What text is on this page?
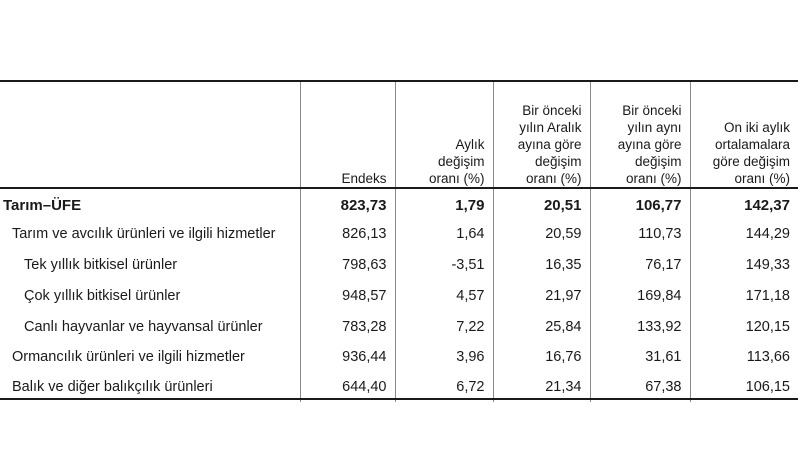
	Endeks	Aylık
değişim
oranı (%)	Bir önceki
yılın Aralık
ayına göre
değişim
oranı (%)	Bir önceki
yılın aynı
ayına göre
değişim
oranı (%)	On iki aylık
ortalamalara
göre değişim
oranı (%)

Tarım–ÜFE	823,73	1,79	20,51	106,77	142,37
Tarım ve avcılık ürünleri ve ilgili hizmetler	826,13	1,64	20,59	110,73	144,29
Tek yıllık bitkisel ürünler	798,63	-3,51	16,35	76,17	149,33
Çok yıllık bitkisel ürünler	948,57	4,57	21,97	169,84	171,18
Canlı hayvanlar ve hayvansal ürünler	783,28	7,22	25,84	133,92	120,15
Ormancılık ürünleri ve ilgili hizmetler	936,44	3,96	16,76	31,61	113,66
Balık ve diğer balıkçılık ürünleri	644,40	6,72	21,34	67,38	106,15
